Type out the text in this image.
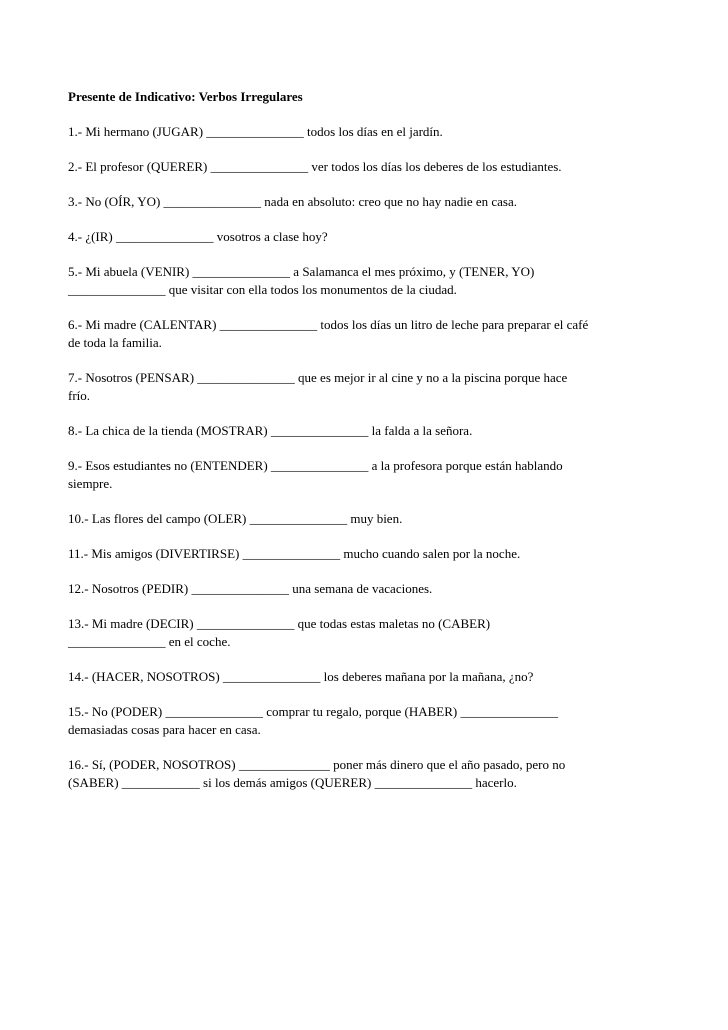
Presente de Indicativo: Verbos Irregulares

1.- Mi hermano (JUGAR) _______________ todos los días en el jardín.

2.- El profesor (QUERER) _______________ ver todos los días los deberes de los estudiantes.

3.- No (OÍR, YO) _______________ nada en absoluto: creo que no hay nadie en casa.

4.- ¿(IR) _______________ vosotros a clase hoy?

5.- Mi abuela (VENIR) _______________ a Salamanca el mes próximo, y (TENER, YO)
_______________ que visitar con ella todos los monumentos de la ciudad.

6.- Mi madre (CALENTAR) _______________ todos los días un litro de leche para preparar el café
de toda la familia.

7.- Nosotros (PENSAR) _______________ que es mejor ir al cine y no a la piscina porque hace
frío.

8.- La chica de la tienda (MOSTRAR) _______________ la falda a la señora.

9.- Esos estudiantes no (ENTENDER) _______________ a la profesora porque están hablando
siempre.

10.- Las flores del campo (OLER) _______________ muy bien.

11.- Mis amigos (DIVERTIRSE) _______________ mucho cuando salen por la noche.

12.- Nosotros (PEDIR) _______________ una semana de vacaciones.

13.- Mi madre (DECIR) _______________ que todas estas maletas no (CABER)
_______________ en el coche.

14.- (HACER, NOSOTROS) _______________ los deberes mañana por la mañana, ¿no?

15.- No (PODER) _______________ comprar tu regalo, porque (HABER) _______________
demasiadas cosas para hacer en casa.

16.- Sí, (PODER, NOSOTROS) ______________ poner más dinero que el año pasado, pero no
(SABER) ____________ si los demás amigos (QUERER) _______________ hacerlo.
